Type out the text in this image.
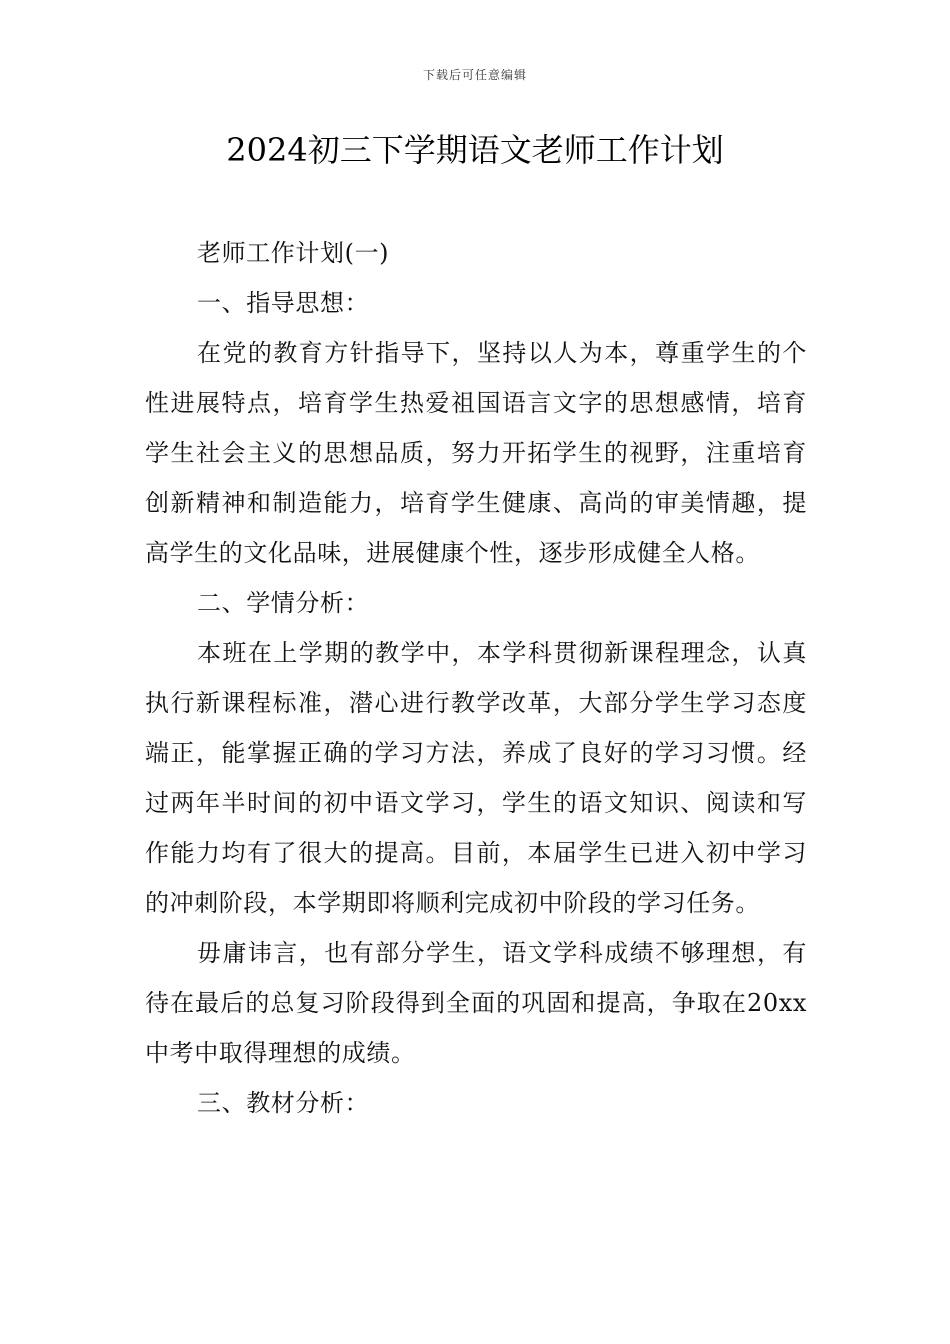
下载后可任意编辑
2024初三下学期语文老师工作计划

老师工作计划(一)

一、指导思想：

在党的教育方针指导下，坚持以人为本，尊重学生的个性进展特点，培育学生热爱祖国语言文字的思想感情，培育学生社会主义的思想品质，努力开拓学生的视野，注重培育创新精神和制造能力，培育学生健康、高尚的审美情趣，提高学生的文化品味，进展健康个性，逐步形成健全人格。

二、学情分析：

本班在上学期的教学中，本学科贯彻新课程理念，认真执行新课程标准，潜心进行教学改革，大部分学生学习态度端正，能掌握正确的学习方法，养成了良好的学习习惯。经过两年半时间的初中语文学习，学生的语文知识、阅读和写作能力均有了很大的提高。目前，本届学生已进入初中学习的冲刺阶段，本学期即将顺利完成初中阶段的学习任务。

毋庸讳言，也有部分学生，语文学科成绩不够理想，有待在最后的总复习阶段得到全面的巩固和提高，争取在20xx中考中取得理想的成绩。

三、教材分析：
